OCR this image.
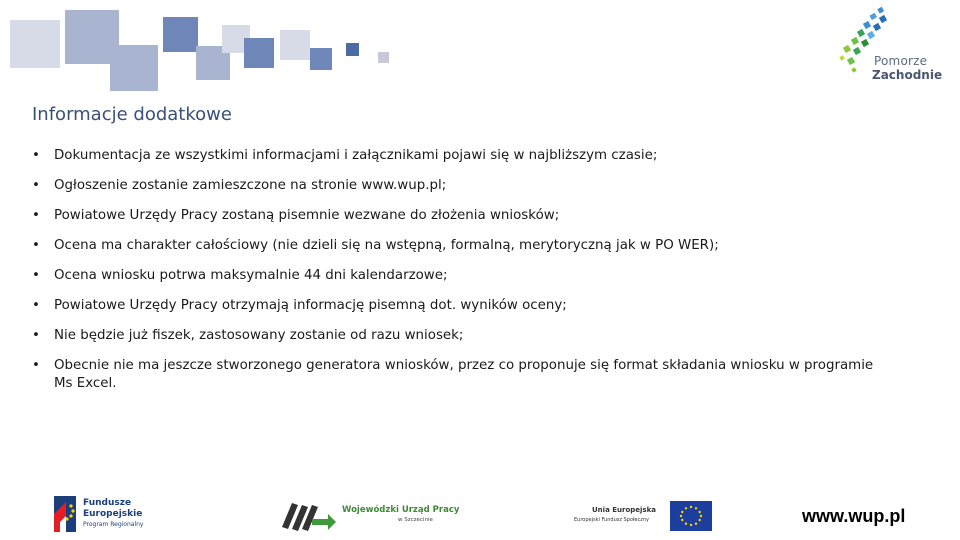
Pomorze
Zachodnie
Informacje dodatkowe
• Dokumentacja ze wszystkimi informacjami i załącznikami pojawi się w najbliższym czasie;
• Ogłoszenie zostanie zamieszczone na stronie www.wup.pl;
• Powiatowe Urzędy Pracy zostaną pisemnie wezwane do złożenia wniosków;
• Ocena ma charakter całościowy (nie dzieli się na wstępną, formalną, merytoryczną jak w PO WER);
• Ocena wniosku potrwa maksymalnie 44 dni kalendarzowe;
• Powiatowe Urzędy Pracy otrzymają informację pisemną dot. wyników oceny;
• Nie będzie już fiszek, zastosowany zostanie od razu wniosek;
• Obecnie nie ma jeszcze stworzonego generatora wniosków, przez co proponuje się format składania wniosku w programie Ms Excel.
Fundusze
Europejskie
Program Regionalny
Wojewódzki Urząd Pracy
w Szczecinie
Unia Europejska
Europejski Fundusz Społeczny	www.wup.pl
